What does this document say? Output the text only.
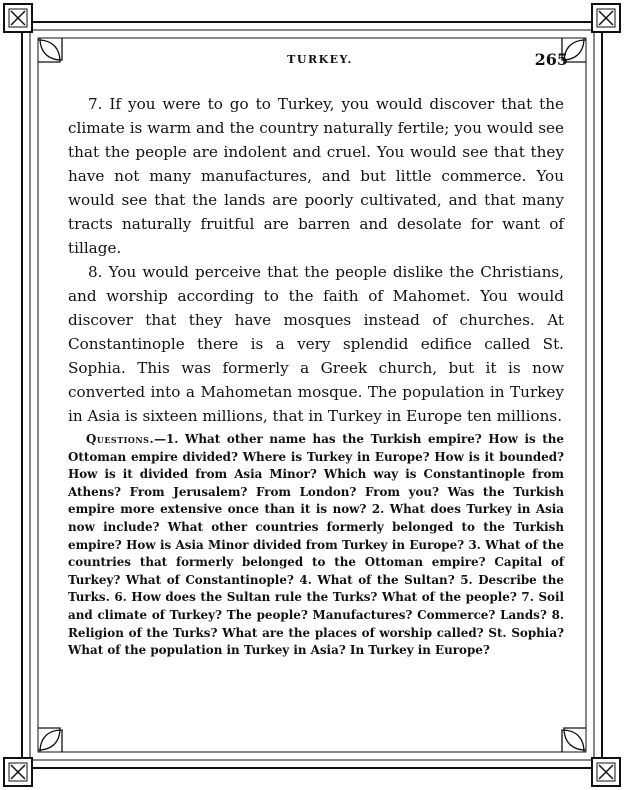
TURKEY.	265

7. If you were to go to Turkey, you would discover that the climate is warm and the country naturally fertile; you would see that the people are indolent and cruel. You would see that they have not many manufactures, and but little commerce. You would see that the lands are poorly cultivated, and that many tracts naturally fruitful are barren and desolate for want of tillage.

8. You would perceive that the people dislike the Christians, and worship according to the faith of Mahomet. You would discover that they have mosques instead of churches. At Constantinople there is a very splendid edifice called St. Sophia. This was formerly a Greek church, but it is now converted into a Mahometan mosque. The population in Turkey in Asia is sixteen millions, that in Turkey in Europe ten millions.

Questions.—1. What other name has the Turkish empire? How is the Ottoman empire divided? Where is Turkey in Europe? How is it bounded? How is it divided from Asia Minor? Which way is Constantinople from Athens? From Jerusalem? From London? From you? Was the Turkish empire more extensive once than it is now? 2. What does Turkey in Asia now include? What other countries formerly belonged to the Turkish empire? How is Asia Minor divided from Turkey in Europe? 3. What of the countries that formerly belonged to the Ottoman empire? Capital of Turkey? What of Constantinople? 4. What of the Sultan? 5. Describe the Turks. 6. How does the Sultan rule the Turks? What of the people? 7. Soil and climate of Turkey? The people? Manufactures? Commerce? Lands? 8. Religion of the Turks? What are the places of worship called? St. Sophia? What of the population in Turkey in Asia? In Turkey in Europe?
